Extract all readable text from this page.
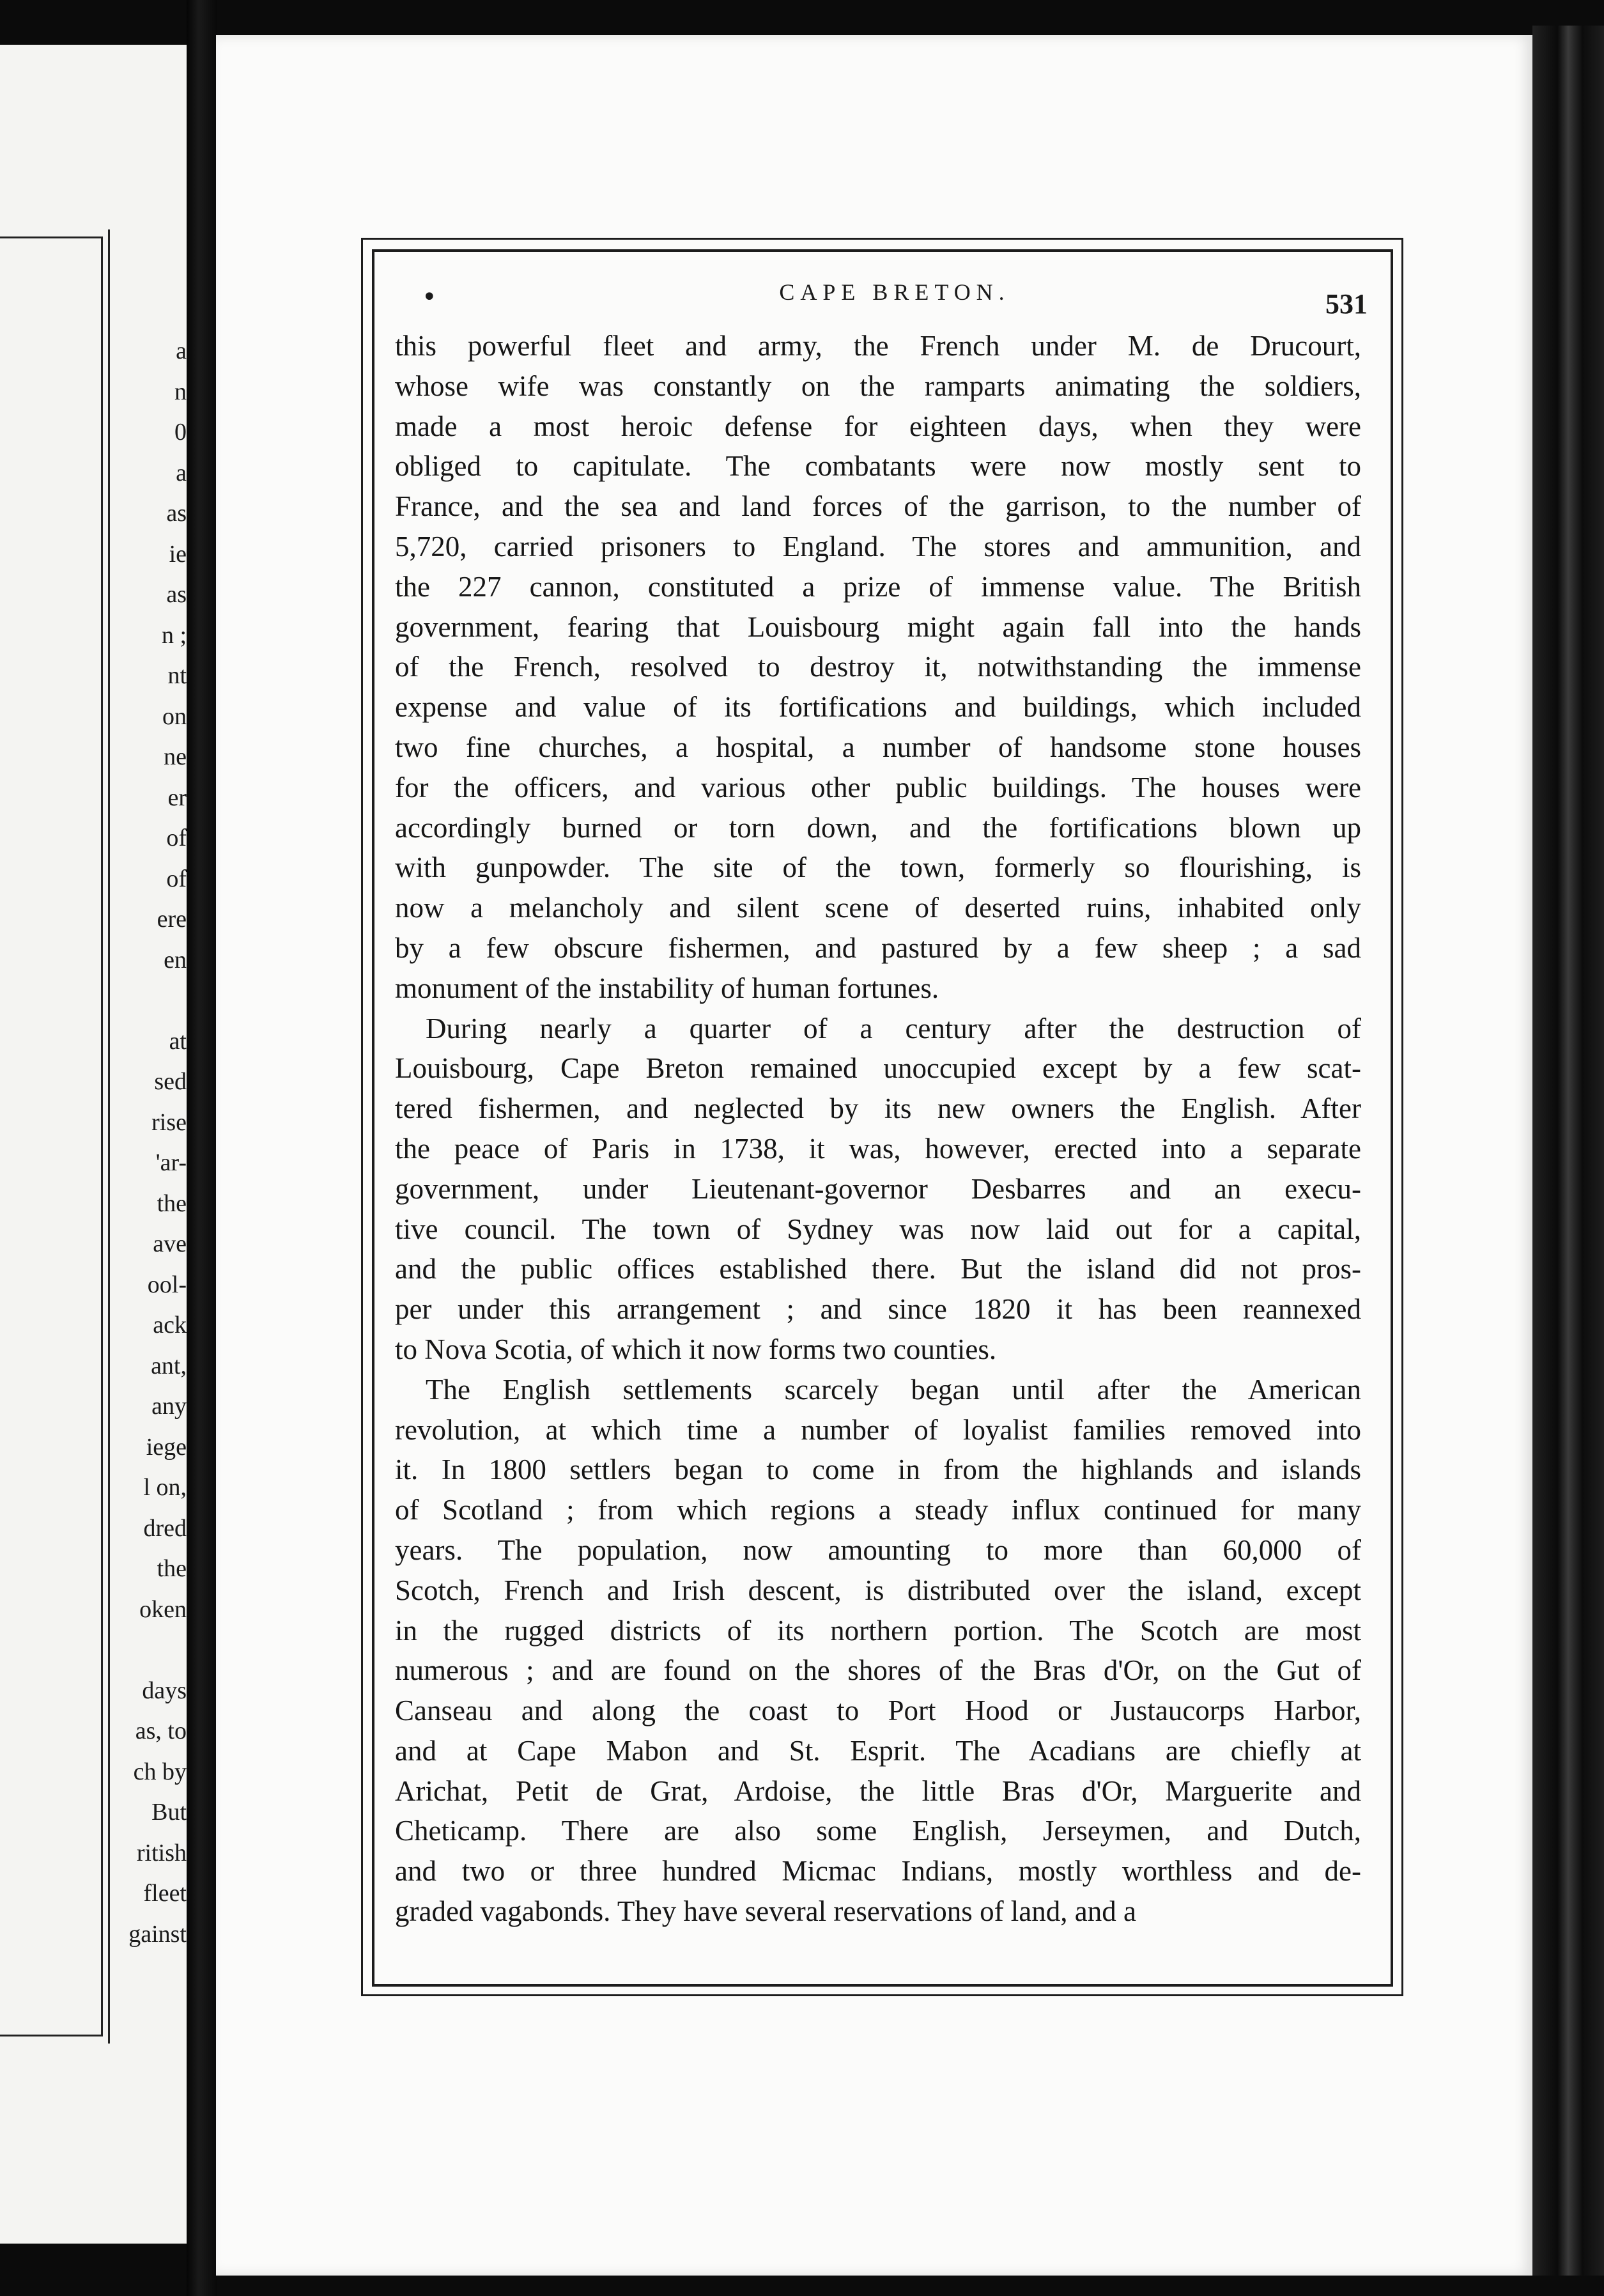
a
n
0
a
as
ie
as
n ;
nt
on
ne
er
of
of
ere
en
at
sed
rise
'ar-
the
ave
ool-
ack
ant,
any
iege
l on,
dred
the
oken
days
as, to
ch by
But
ritish
fleet
gainst
•	CAPE BRETON.	531
this powerful fleet and army, the French under M. de Drucourt,
whose wife was constantly on the ramparts animating the soldiers,
made a most heroic defense for eighteen days, when they were
obliged to capitulate. The combatants were now mostly sent to
France, and the sea and land forces of the garrison, to the number of
5,720, carried prisoners to England. The stores and ammunition, and
the 227 cannon, constituted a prize of immense value. The British
government, fearing that Louisbourg might again fall into the hands
of the French, resolved to destroy it, notwithstanding the immense
expense and value of its fortifications and buildings, which included
two fine churches, a hospital, a number of handsome stone houses
for the officers, and various other public buildings. The houses were
accordingly burned or torn down, and the fortifications blown up
with gunpowder. The site of the town, formerly so flourishing, is
now a melancholy and silent scene of deserted ruins, inhabited only
by a few obscure fishermen, and pastured by a few sheep ; a sad
monument of the instability of human fortunes.
During nearly a quarter of a century after the destruction of
Louisbourg, Cape Breton remained unoccupied except by a few scat-
tered fishermen, and neglected by its new owners the English. After
the peace of Paris in 1738, it was, however, erected into a separate
government, under Lieutenant-governor Desbarres and an execu-
tive council. The town of Sydney was now laid out for a capital,
and the public offices established there. But the island did not pros-
per under this arrangement ; and since 1820 it has been reannexed
to Nova Scotia, of which it now forms two counties.
The English settlements scarcely began until after the American
revolution, at which time a number of loyalist families removed into
it. In 1800 settlers began to come in from the highlands and islands
of Scotland ; from which regions a steady influx continued for many
years. The population, now amounting to more than 60,000 of
Scotch, French and Irish descent, is distributed over the island, except
in the rugged districts of its northern portion. The Scotch are most
numerous ; and are found on the shores of the Bras d'Or, on the Gut of
Canseau and along the coast to Port Hood or Justaucorps Harbor,
and at Cape Mabon and St. Esprit. The Acadians are chiefly at
Arichat, Petit de Grat, Ardoise, the little Bras d'Or, Marguerite and
Cheticamp. There are also some English, Jerseymen, and Dutch,
and two or three hundred Micmac Indians, mostly worthless and de-
graded vagabonds. They have several reservations of land, and a
